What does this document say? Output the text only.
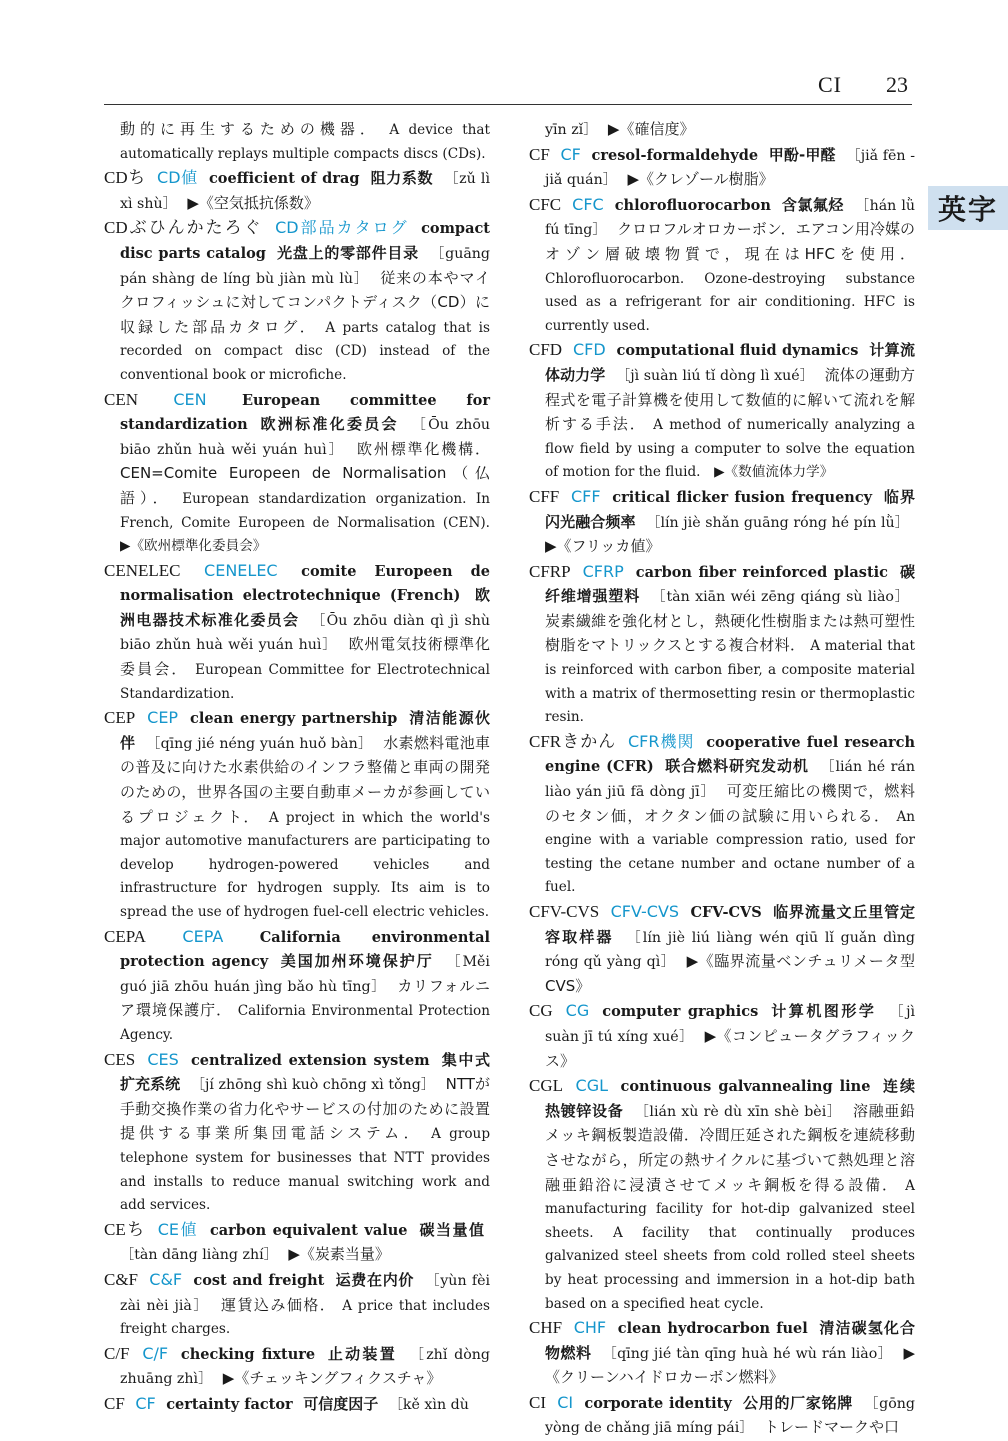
CI 23
英字
動的に再生するための機器． A device that automatically replays multiple compacts discs (CDs).
CDち CD値 coefficient of drag 阻力系数 ［zǔ lì xì shù］ ▶《空気抵抗係数》
CDぶひんかたろぐ CD部品カタログ compact disc parts catalog 光盘上的零部件目录 ［guāng pán shàng de líng bù jiàn mù lù］ 従来の本やマイクロフィッシュに対してコンパクトディスク（CD）に収録した部品カタログ． A parts catalog that is recorded on compact disc (CD) instead of the conventional book or microfiche.
CEN CEN European committee for standardization 欧洲标准化委员会 ［Ōu zhōu biāo zhǔn huà wěi yuán huì］ 欧州標準化機構．CEN=Comite Europeen de Normalisation（仏語）． European standardization organization. In French, Comite Europeen de Normalisation (CEN).　▶《欧州標準化委員会》
CENELEC CENELEC comite Europeen de normalisation electrotechnique (French) 欧洲电器技术标准化委员会 ［Ōu zhōu diàn qì jì shù biāo zhǔn huà wěi yuán huì］ 欧州電気技術標準化委員会． European Committee for Electrotechnical Standardization.
CEP CEP clean energy partnership 清洁能源伙伴 ［qīng jié néng yuán huǒ bàn］ 水素燃料電池車の普及に向けた水素供給のインフラ整備と車両の開発のための，世界各国の主要自動車メーカが参画しているプロジェクト． A project in which the world's major automotive manufacturers are participating to develop hydrogen-powered vehicles and infrastructure for hydrogen supply. Its aim is to spread the use of hydrogen fuel-cell electric vehicles.
CEPA CEPA	California environmental protection agency 美国加州环境保护厅 ［Měi guó jiā zhōu huán jìng bǎo hù tīng］ カリフォルニア環境保護庁． California Environmental Protection Agency.
CES CES centralized extension system 集中式扩充系统 ［jí zhōng shì kuò chōng xì tǒng］ NTTが手動交換作業の省力化やサービスの付加のために設置提供する事業所集団電話システム． A group telephone system for businesses that NTT provides and installs to reduce manual switching work and add services.
CEち CE値 carbon equivalent value 碳当量值 ［tàn dāng liàng zhí］ ▶《炭素当量》
C&F C&F cost and freight 运费在内价 ［yùn fèi zài nèi jià］ 運賃込み価格． A price that includes freight charges.
C/F C/F checking fixture 止动装置 ［zhǐ dòng zhuāng zhì］ ▶《チェッキングフィクスチャ》
CF CF certainty factor 可信度因子 ［kě xìn dù
yīn zǐ］ ▶《確信度》
CF CF cresol-formaldehyde 甲酚-甲醛 ［jiǎ fēn - jiǎ quán］ ▶《クレゾール樹脂》
CFC CFC chlorofluorocarbon 含氯氟烃 ［hán lǜ fú tīng］ クロロフルオロカーボン．エアコン用冷媒のオゾン層破壊物質で，現在はHFCを使用． Chlorofluorocarbon. Ozone-destroying substance used as a refrigerant for air conditioning. HFC is currently used.
CFD CFD computational fluid dynamics 计算流体动力学 ［jì suàn liú tǐ dòng lì xué］ 流体の運動方程式を電子計算機を使用して数値的に解いて流れを解析する手法． A method of numerically analyzing a flow field by using a computer to solve the equation of motion for the fluid.　▶《数値流体力学》
CFF CFF critical flicker fusion frequency 临界闪光融合频率 ［lín jiè shǎn guāng róng hé pín lǜ］ ▶《フリッカ値》
CFRP CFRP carbon fiber reinforced plastic 碳纤维增强塑料 ［tàn xiān wéi zēng qiáng sù liào］ 炭素繊維を強化材とし，熱硬化性樹脂または熱可塑性樹脂をマトリックスとする複合材料． A material that is reinforced with carbon fiber, a composite material with a matrix of thermosetting resin or thermoplastic resin.
CFRきかん CFR機関 cooperative fuel research engine (CFR) 联合燃料研究发动机 ［lián hé rán liào yán jiū fā dòng jī］ 可変圧縮比の機関で，燃料のセタン価，オクタン価の試験に用いられる． An engine with a variable compression ratio, used for testing the cetane number and octane number of a fuel.
CFV-CVS CFV-CVS CFV-CVS 临界流量文丘里管定容取样器 ［lín jiè liú liàng wén qiū lǐ guǎn dìng róng qǔ yàng qì］ ▶《臨界流量ベンチュリメータ型CVS》
CG CG computer graphics 计算机图形学 ［jì suàn jī tú xíng xué］ ▶《コンピュータグラフィックス》
CGL CGL continuous galvannealing line 连续热镀锌设备 ［lián xù rè dù xīn shè bèi］ 溶融亜鉛メッキ鋼板製造設備．冷間圧延された鋼板を連続移動させながら，所定の熱サイクルに基づいて熱処理と溶融亜鉛浴に浸漬させてメッキ鋼板を得る設備． A manufacturing facility for hot-dip galvanized steel sheets. A facility that continually produces galvanized steel sheets from cold rolled steel sheets by heat processing and immersion in a hot-dip bath based on a specified heat cycle.
CHF CHF clean hydrocarbon fuel 清洁碳氢化合物燃料 ［qīng jié tàn qīng huà hé wù rán liào］ ▶《クリーンハイドロカーボン燃料》
CI CI corporate identity 公用的厂家铭牌 ［gōng yòng de chǎng jiā míng pái］ トレードマークや口
